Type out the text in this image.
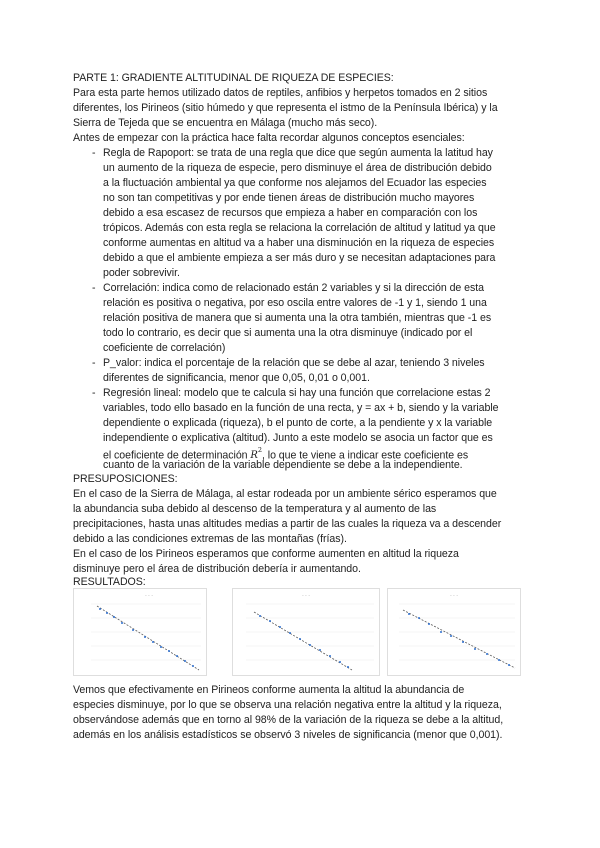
PARTE 1: GRADIENTE ALTITUDINAL DE RIQUEZA DE ESPECIES:
Para esta parte hemos utilizado datos de reptiles, anfibios y herpetos tomados en 2 sitios
diferentes, los Pirineos (sitio húmedo y que representa el istmo de la Península Ibérica) y la
Sierra de Tejeda que se encuentra en Málaga (mucho más seco).
Antes de empezar con la práctica hace falta recordar algunos conceptos esenciales:
- Regla de Rapoport: se trata de una regla que dice que según aumenta la latitud hay
un aumento de la riqueza de especie, pero disminuye el área de distribución debido
a la fluctuación ambiental ya que conforme nos alejamos del Ecuador las especies
no son tan competitivas y por ende tienen áreas de distribución mucho mayores
debido a esa escasez de recursos que empieza a haber en comparación con los
trópicos. Además con esta regla se relaciona la correlación de altitud y latitud ya que
conforme aumentas en altitud va a haber una disminución en la riqueza de especies
debido a que el ambiente empieza a ser más duro y se necesitan adaptaciones para
poder sobrevivir.
- Correlación: indica como de relacionado están 2 variables y si la dirección de esta
relación es positiva o negativa, por eso oscila entre valores de -1 y 1, siendo 1 una
relación positiva de manera que si aumenta una la otra también, mientras que -1 es
todo lo contrario, es decir que si aumenta una la otra disminuye (indicado por el
coeficiente de correlación)
- P_valor: indica el porcentaje de la relación que se debe al azar, teniendo 3 niveles
diferentes de significancia, menor que 0,05, 0,01 o 0,001.
- Regresión lineal: modelo que te calcula si hay una función que correlacione estas 2
variables, todo ello basado en la función de una recta, y = ax + b, siendo y la variable
dependiente o explicada (riqueza), b el punto de corte, a la pendiente y x la variable
independiente o explicativa (altitud). Junto a este modelo se asocia un factor que es
el coeficiente de determinación $R^2$, lo que te viene a indicar este coeficiente es
cuanto de la variación de la variable dependiente se debe a la independiente.
PRESUPOSICIONES:
En el caso de la Sierra de Málaga, al estar rodeada por un ambiente sérico esperamos que
la abundancia suba debido al descenso de la temperatura y al aumento de las
precipitaciones, hasta unas altitudes medias a partir de las cuales la riqueza va a descender
debido a las condiciones extremas de las montañas (frías).
En el caso de los Pirineos esperamos que conforme aumenten en altitud la riqueza
disminuye pero el área de distribución debería ir aumentando.
RESULTADOS:
· · ·	· · ·	· · ·
Vemos que efectivamente en Pirineos conforme aumenta la altitud la abundancia de
especies disminuye, por lo que se observa una relación negativa entre la altitud y la riqueza,
observándose además que en torno al 98% de la variación de la riqueza se debe a la altitud,
además en los análisis estadísticos se observó 3 niveles de significancia (menor que 0,001).
